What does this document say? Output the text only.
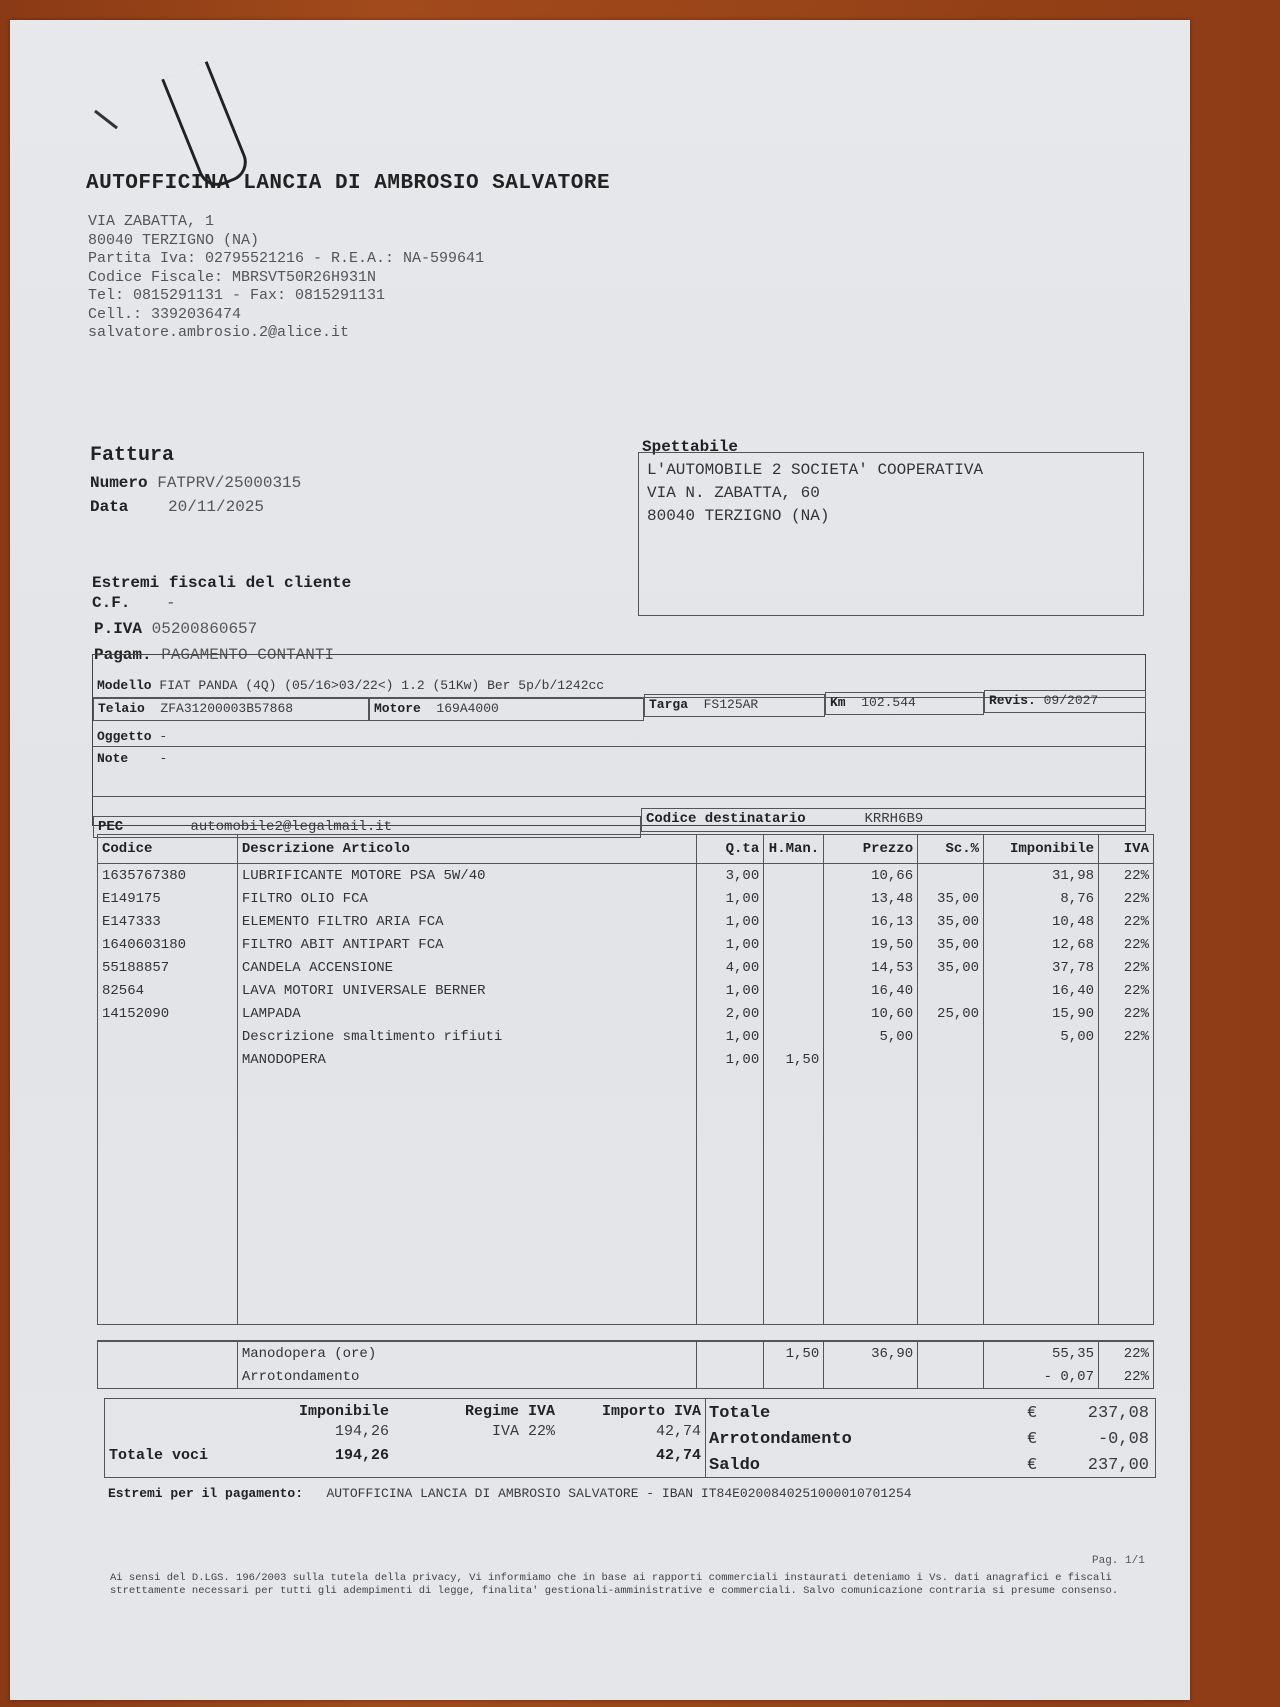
AUTOFFICINA LANCIA DI AMBROSIO SALVATORE
VIA ZABATTA, 1
80040 TERZIGNO (NA)
Partita Iva: 02795521216 - R.E.A.: NA-599641
Codice Fiscale: MBRSVT50R26H931N
Tel: 0815291131 - Fax: 0815291131
Cell.: 3392036474
salvatore.ambrosio.2@alice.it
Fattura
Numero FATPRV/25000315
Data 20/11/2025
Spettabile
L'AUTOMOBILE 2 SOCIETA' COOPERATIVA
VIA N. ZABATTA, 60
80040 TERZIGNO (NA)
Estremi fiscali del cliente
C.F. -
P.IVA 05200860657
Pagam. PAGAMENTO CONTANTI
Modello FIAT PANDA (4Q) (05/16>03/22<) 1.2 (51Kw) Ber 5p/b/1242cc
Telaio ZFA31200003B57868	Motore 169A4000	Targa FS125AR	Km 102.544	Revis. 09/2027
Oggetto -
Note -
PEC	automobile2@legalmail.it	Codice destinatario	KRRH6B9
Codice	Descrizione Articolo	Q.ta	H.Man.	Prezzo	Sc.%	Imponibile	IVA
1635767380	LUBRIFICANTE MOTORE PSA 5W/40	3,00		10,66		31,98	22%
E149175	FILTRO OLIO FCA	1,00		13,48	35,00	8,76	22%
E147333	ELEMENTO FILTRO ARIA FCA	1,00		16,13	35,00	10,48	22%
1640603180	FILTRO ABIT ANTIPART FCA	1,00		19,50	35,00	12,68	22%
55188857	CANDELA ACCENSIONE	4,00		14,53	35,00	37,78	22%
82564	LAVA MOTORI UNIVERSALE BERNER	1,00		16,40		16,40	22%
14152090	LAMPADA	2,00		10,60	25,00	15,90	22%
	Descrizione smaltimento rifiuti	1,00		5,00		5,00	22%
	MANODOPERA	1,00	1,50				

	Manodopera (ore)		1,50	36,90		55,35	22%
	Arrotondamento					- 0,07	22%
Imponibile	Regime IVA	Importo IVA
194,26	IVA 22%	42,74
Totale voci	194,26	42,74
Totale	€	237,08
Arrotondamento	€	-0,08
Saldo	€	237,00
Estremi per il pagamento: AUTOFFICINA LANCIA DI AMBROSIO SALVATORE - IBAN IT84E0200840251000010701254
Pag. 1/1
Ai sensi del D.LGS. 196/2003 sulla tutela della privacy, Vi informiamo che in base ai rapporti commerciali instaurati deteniamo i Vs. dati anagrafici e fiscali strettamente necessari per tutti gli adempimenti di legge, finalita' gestionali-amministrative e commerciali. Salvo comunicazione contraria si presume consenso.
